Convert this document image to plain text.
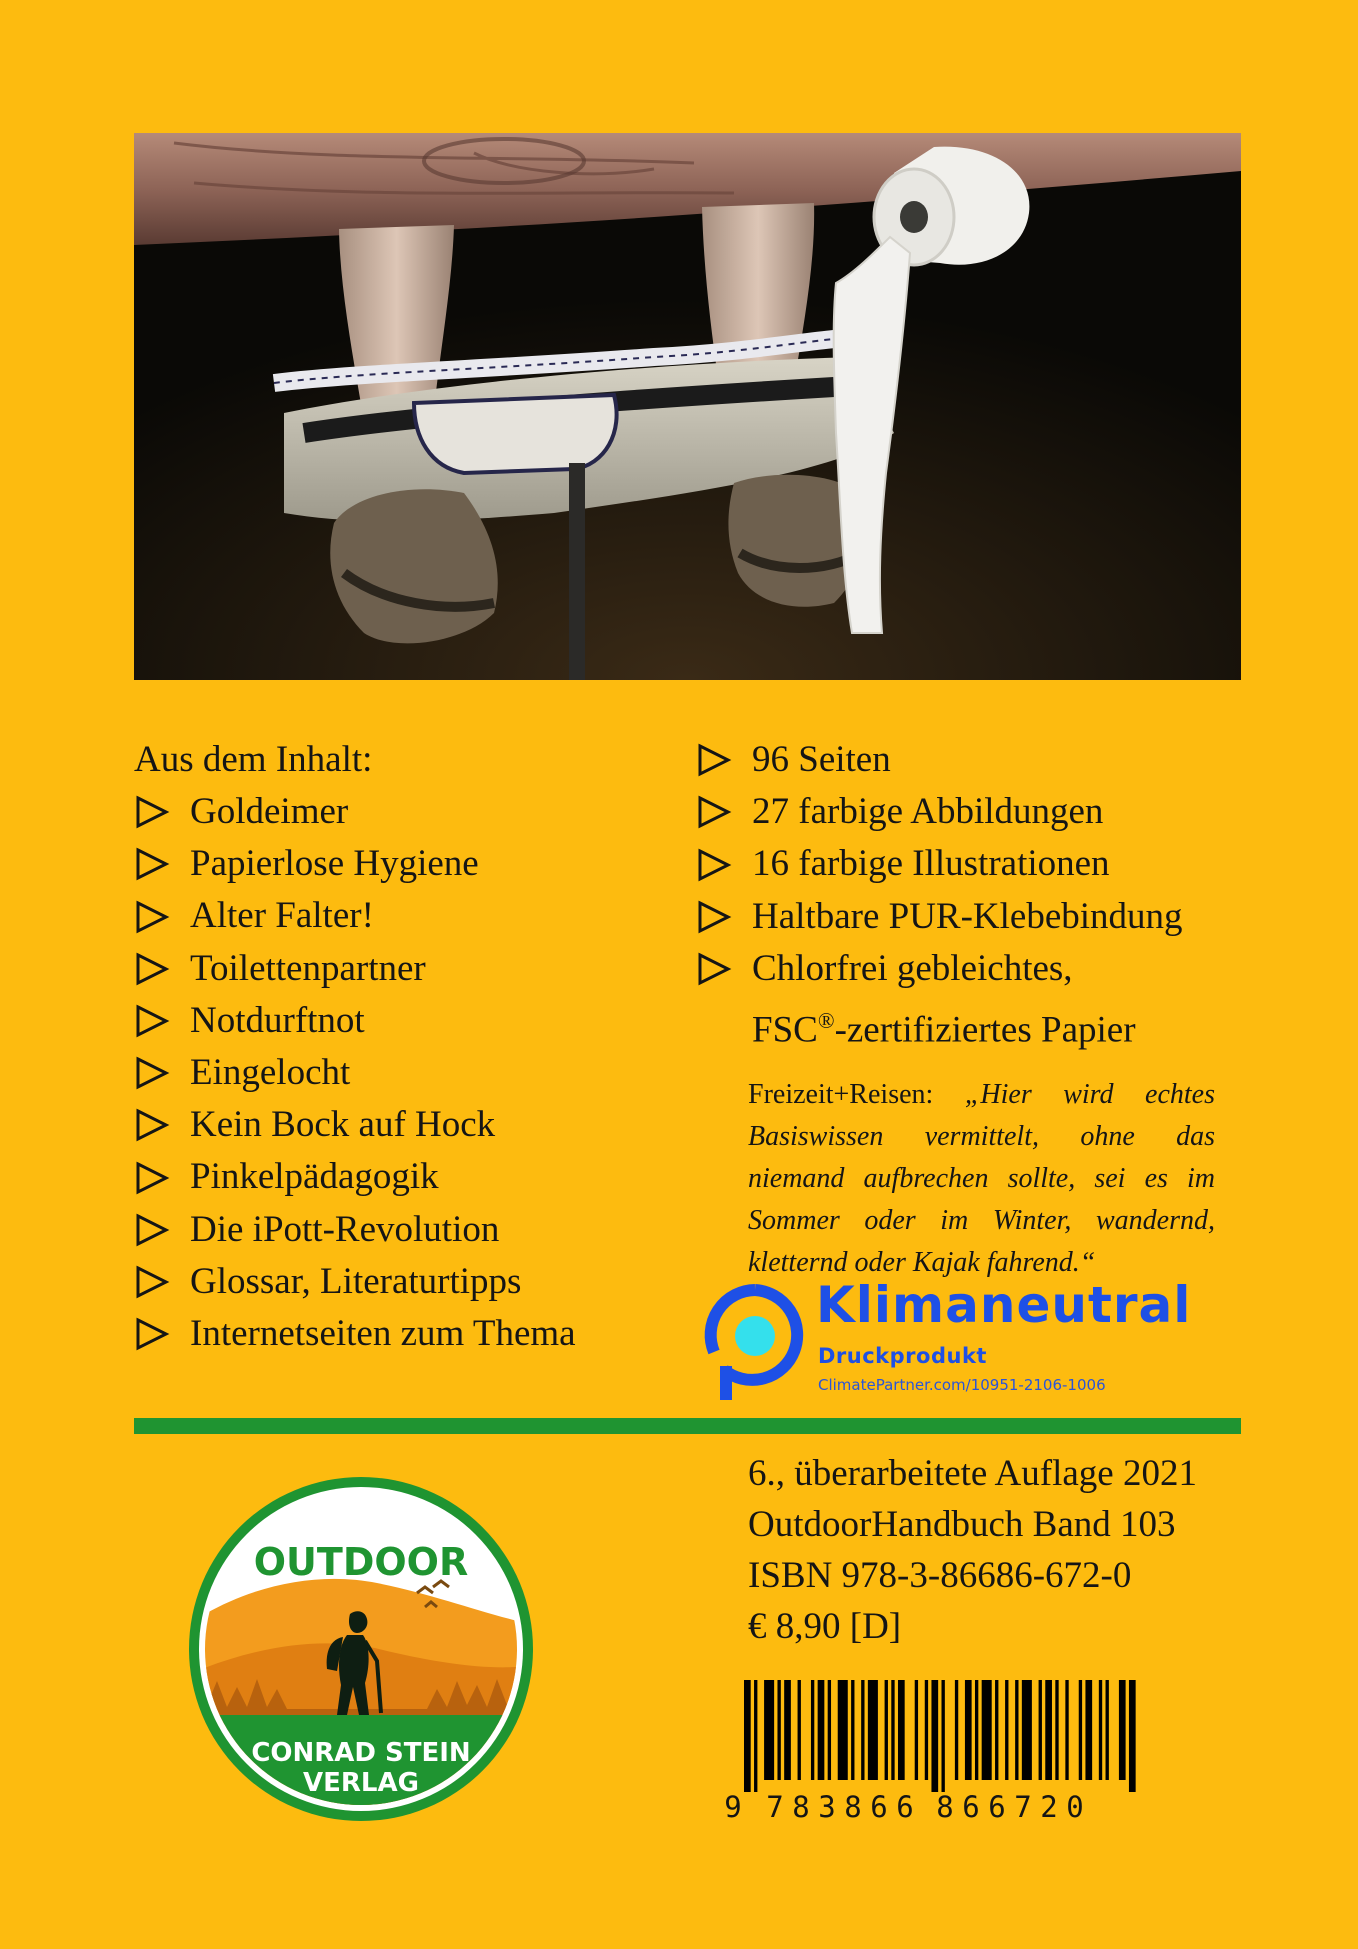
Aus dem Inhalt:
Goldeimer
Papierlose Hygiene
Alter Falter!
Toilettenpartner
Notdurftnot
Eingelocht
Kein Bock auf Hock
Pinkelpädagogik
Die iPott-Revolution
Glossar, Literaturtipps
Internetseiten zum Thema
96 Seiten
27 farbige Abbildungen
16 farbige Illustrationen
Haltbare PUR-Klebebindung
Chlorfrei gebleichtes,
FSC®-zertifiziertes Papier
Freizeit+Reisen: „Hier wird echtes Basiswissen vermittelt, ohne das niemand aufbrechen sollte, sei es im Sommer oder im Winter, wandernd, kletternd oder Kajak fahrend.“
Klimaneutral
Druckprodukt
ClimatePartner.com/10951-2106-1006
OUTDOOR
CONRAD STEIN
VERLAG
6., überarbeitete Auflage 2021
OutdoorHandbuch Band 103
ISBN 978-3-86686-672-0
€ 8,90 [D]
9 7 8 3 8 6 6 8 6 6 7 2 0
